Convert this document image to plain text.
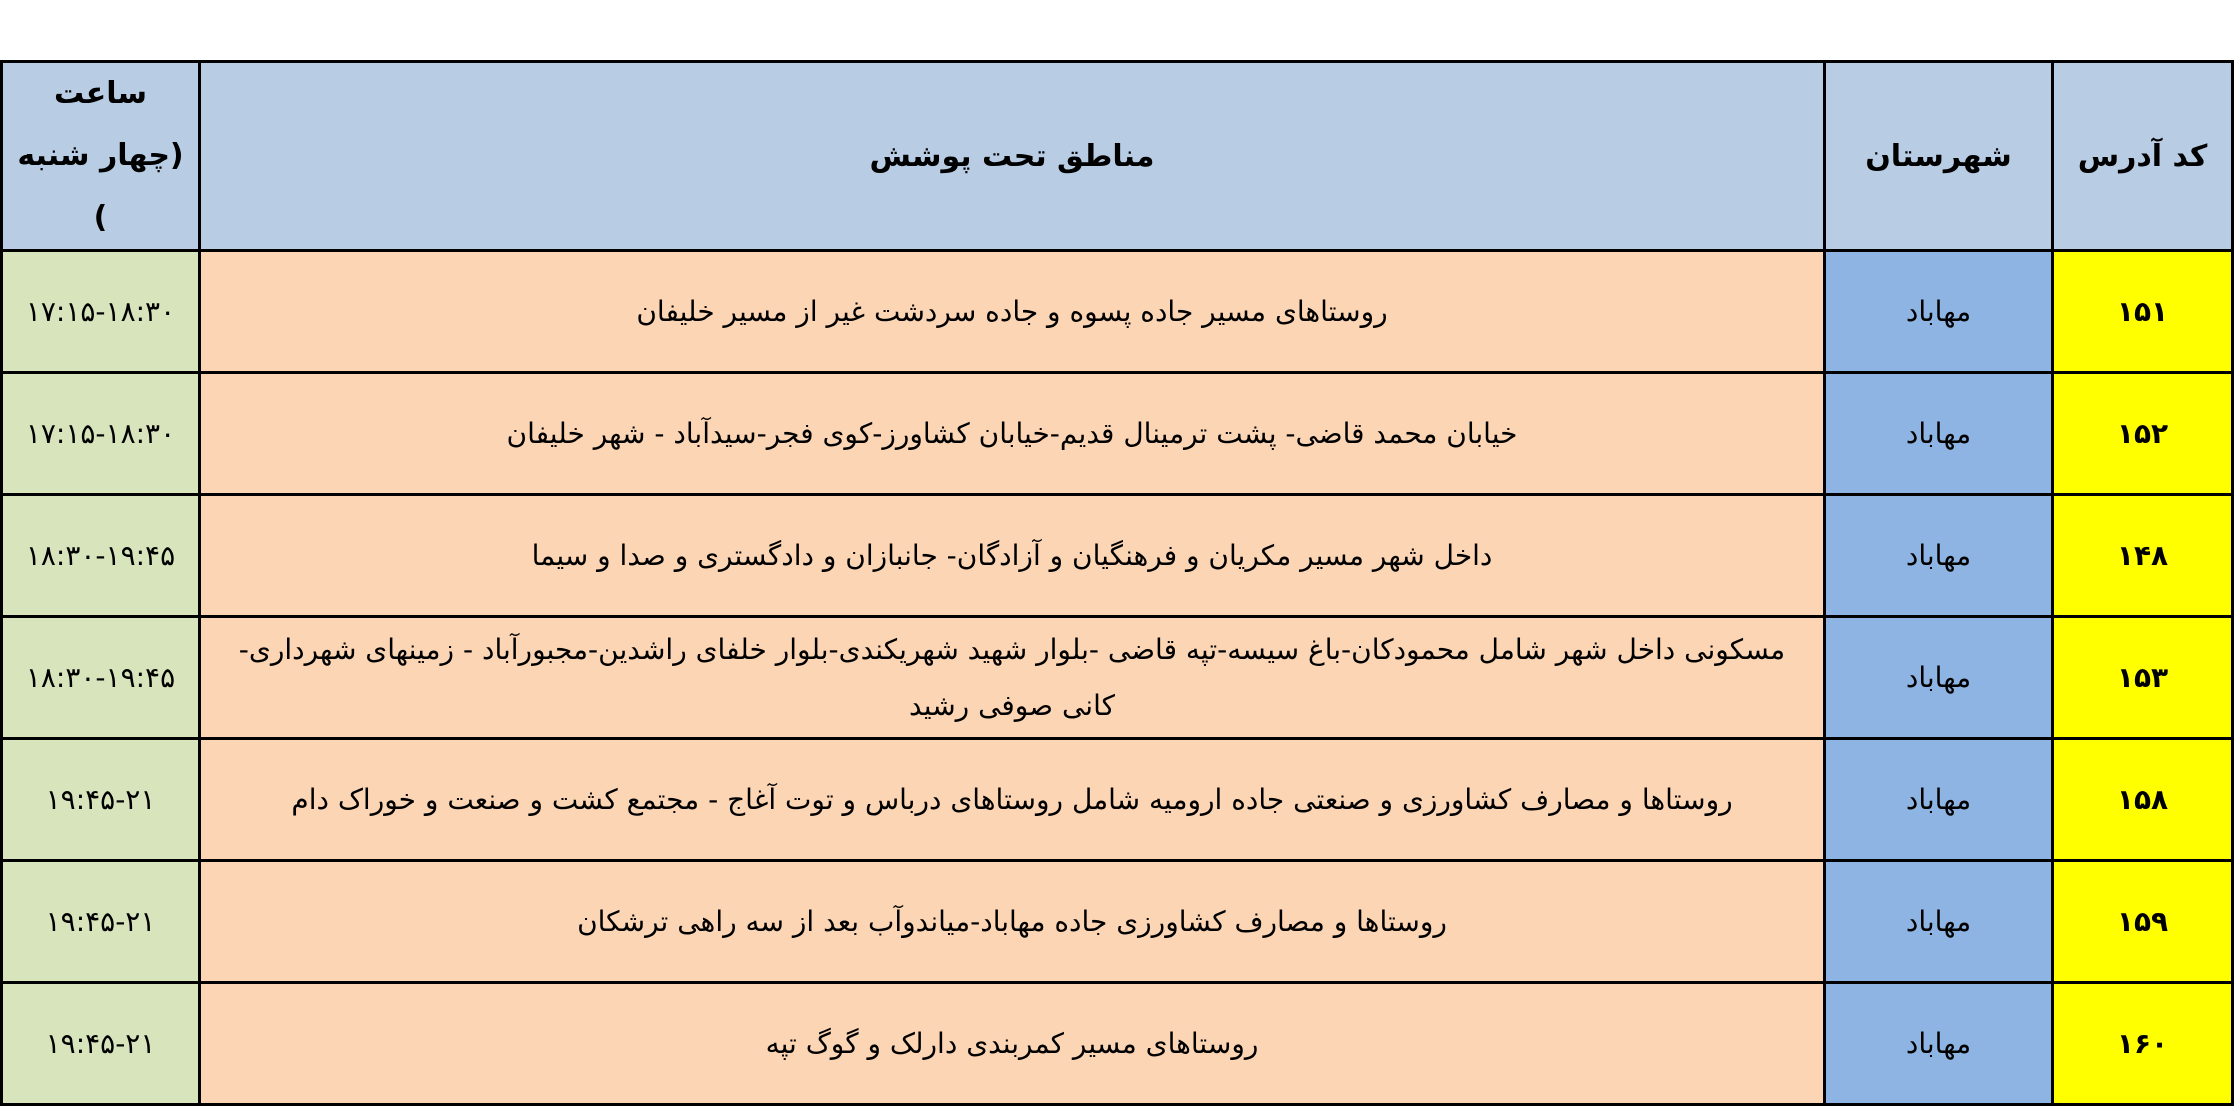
کد آدرس	شهرستان	مناطق تحت پوشش	ساعت
(چهار شنبه )

۱۵۱	مهاباد	روستاهای مسیر جاده پسوه و جاده سردشت غیر از مسیر خلیفان	۱۷:۱۵-۱۸:۳۰
۱۵۲	مهاباد	خیابان محمد قاضی- پشت ترمینال قدیم-خیابان کشاورز-کوی فجر-سیدآباد - شهر خلیفان	۱۷:۱۵-۱۸:۳۰
۱۴۸	مهاباد	داخل شهر مسیر مکریان و فرهنگیان و آزادگان- جانبازان و دادگستری و صدا و سیما	۱۸:۳۰-۱۹:۴۵
۱۵۳	مهاباد	مسکونی داخل شهر شامل محمودکان-باغ سیسه-تپه قاضی -بلوار شهید شهریکندی-بلوار خلفای راشدین-مجبورآباد - زمینهای شهرداری- کانی صوفی رشید	۱۸:۳۰-۱۹:۴۵
۱۵۸	مهاباد	روستاها و مصارف کشاورزی و صنعتی جاده ارومیه شامل روستاهای درباس و توت آغاج - مجتمع کشت و صنعت و خوراک دام	۱۹:۴۵-۲۱
۱۵۹	مهاباد	روستاها و مصارف کشاورزی جاده مهاباد-میاندوآب بعد از سه راهی ترشکان	۱۹:۴۵-۲۱
۱۶۰	مهاباد	روستاهای مسیر کمربندی دارلک و گوگ تپه	۱۹:۴۵-۲۱
